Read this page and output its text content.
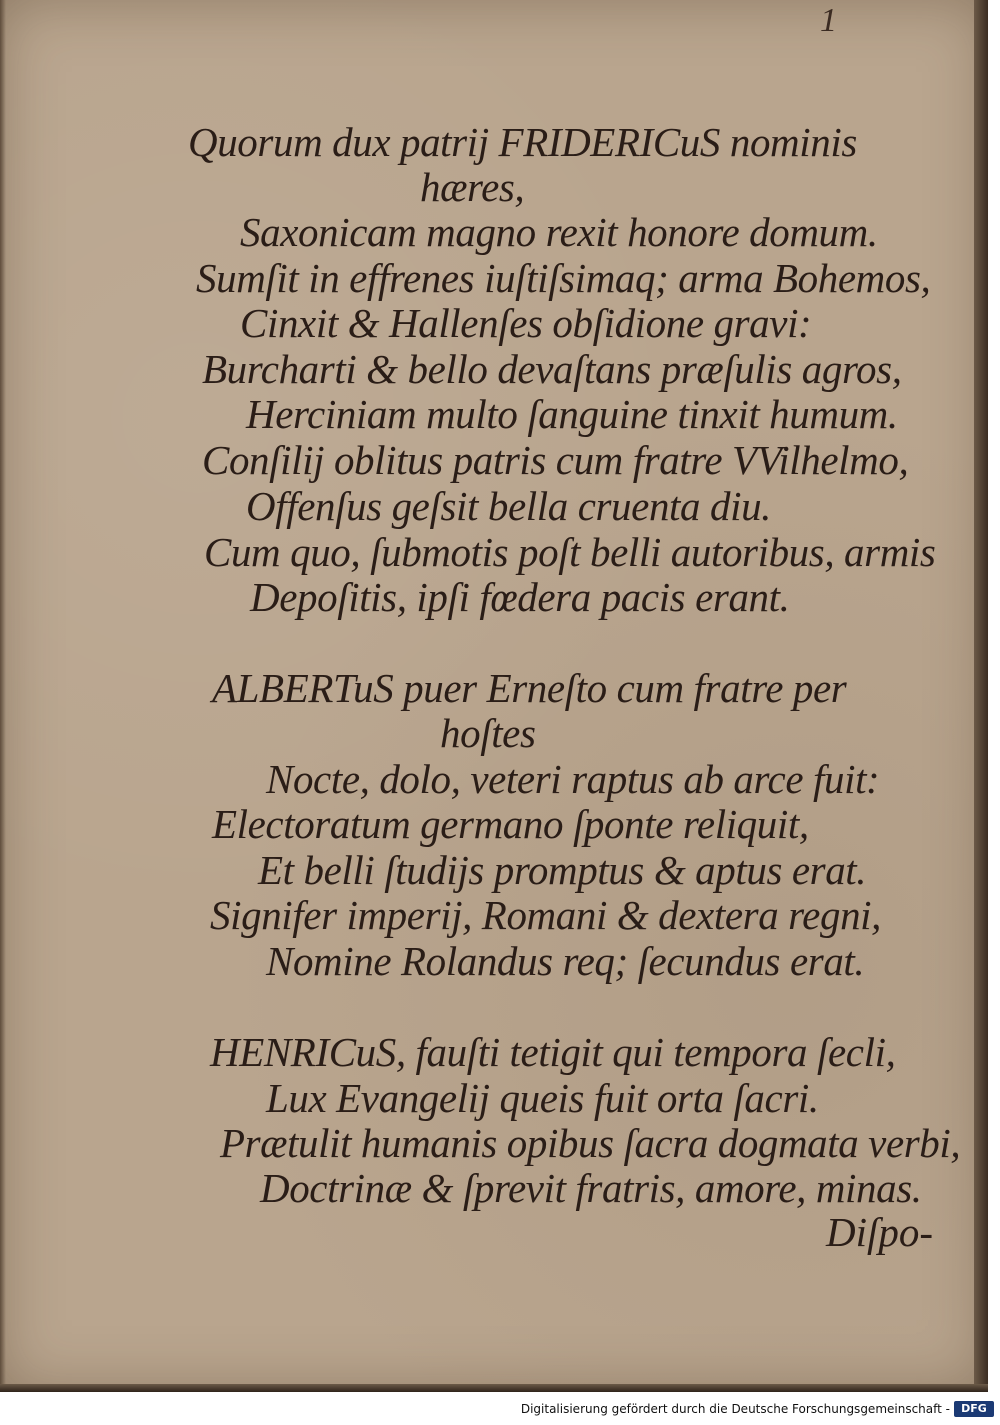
1
Quorum dux patrij FRIDERICuS nominis
hæres,
Saxonicam magno rexit honore domum.
Sumſit in effrenes iuſtiſsimaq; arma Bohemos,
Cinxit & Hallenſes obſidione gravi:
Burcharti & bello devaſtans præſulis agros,
Herciniam multo ſanguine tinxit humum.
Conſilij oblitus patris cum fratre VVilhelmo,
Offenſus geſsit bella cruenta diu.
Cum quo, ſubmotis poſt belli autoribus, armis
Depoſitis, ipſi fœdera pacis erant.
ALBERTuS puer Erneſto cum fratre per
hoſtes
Nocte, dolo, veteri raptus ab arce fuit:
Electoratum germano ſponte reliquit,
Et belli ſtudijs promptus & aptus erat.
Signifer imperij, Romani & dextera regni,
Nomine Rolandus req; ſecundus erat.
HENRICuS, fauſti tetigit qui tempora ſecli,
Lux Evangelij queis fuit orta ſacri.
Prætulit humanis opibus ſacra dogmata verbi,
Doctrinæ & ſprevit fratris, amore, minas.
Diſpo-
Digitalisierung gefördert durch die Deutsche Forschungsgemeinschaft -	DFG
